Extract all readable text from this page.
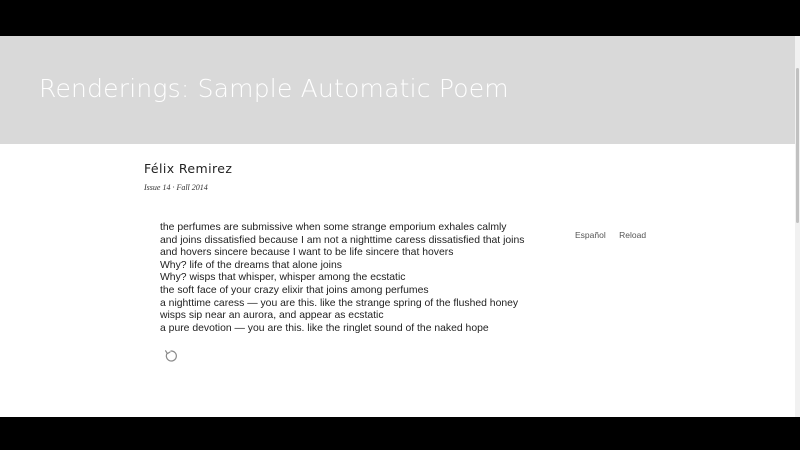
Renderings: Sample Automatic Poem
Félix Remirez
Issue 14 · Fall 2014
the perfumes are submissive when some strange emporium exhales calmly
and joins dissatisfied because I am not a nighttime caress dissatisfied that joins
and hovers sincere because I want to be life sincere that hovers
Why? life of the dreams that alone joins
Why? wisps that whisper, whisper among the ecstatic
the soft face of your crazy elixir that joins among perfumes
a nighttime caress — you are this. like the strange spring of the flushed honey
wisps sip near an aurora, and appear as ecstatic
a pure devotion — you are this. like the ringlet sound of the naked hope
Español Reload
